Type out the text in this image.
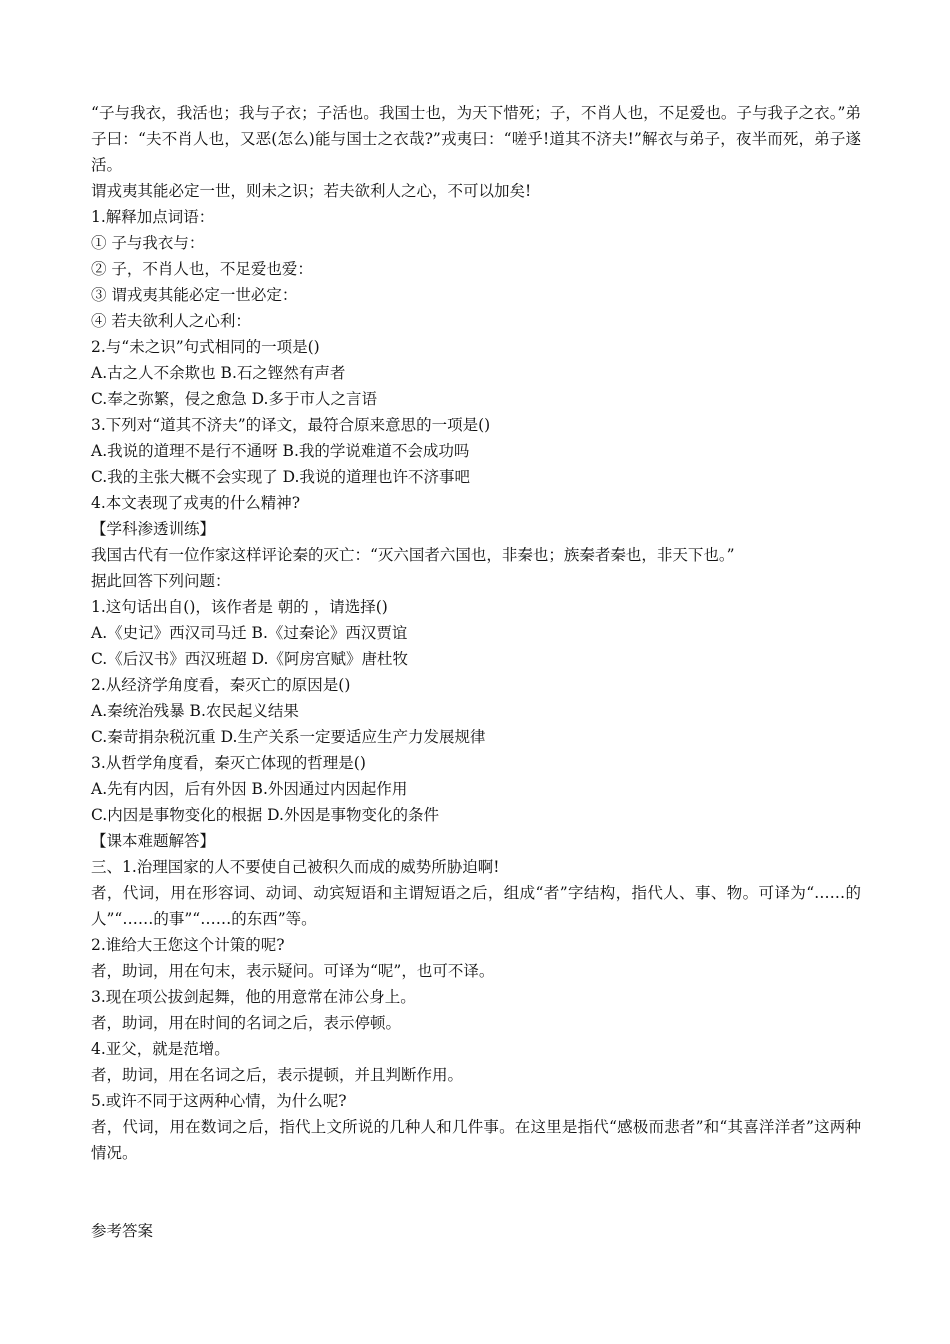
“子与我衣，我活也；我与子衣；子活也。我国士也，为天下惜死；子，不肖人也，不足爱也。子与我子之衣。”弟子曰：“夫不肖人也，又恶(怎么)能与国士之衣哉?”戎夷曰：“嗟乎!道其不济夫!”解衣与弟子，夜半而死，弟子遂活。

谓戎夷其能必定一世，则未之识；若夫欲利人之心，不可以加矣!

1.解释加点词语：

① 子与我衣与：

② 子，不肖人也，不足爱也爱：

③ 谓戎夷其能必定一世必定：

④ 若夫欲利人之心利：

2.与“未之识”句式相同的一项是()

A.古之人不余欺也 B.石之铿然有声者

C.奉之弥繁，侵之愈急 D.多于市人之言语

3.下列对“道其不济夫”的译文，最符合原来意思的一项是()

A.我说的道理不是行不通呀 B.我的学说难道不会成功吗

C.我的主张大概不会实现了 D.我说的道理也许不济事吧

4.本文表现了戎夷的什么精神?

【学科渗透训练】

我国古代有一位作家这样评论秦的灭亡：“灭六国者六国也，非秦也；族秦者秦也，非天下也。”

据此回答下列问题：

1.这句话出自()，该作者是 朝的 ，请选择()

A.《史记》西汉司马迁 B.《过秦论》西汉贾谊

C.《后汉书》西汉班超 D.《阿房宫赋》唐杜牧

2.从经济学角度看，秦灭亡的原因是()

A.秦统治残暴 B.农民起义结果

C.秦苛捐杂税沉重 D.生产关系一定要适应生产力发展规律

3.从哲学角度看，秦灭亡体现的哲理是()

A.先有内因，后有外因 B.外因通过内因起作用

C.内因是事物变化的根据 D.外因是事物变化的条件

【课本难题解答】

三、1.治理国家的人不要使自己被积久而成的威势所胁迫啊!

者，代词，用在形容词、动词、动宾短语和主谓短语之后，组成“者”字结构，指代人、事、物。可译为“……的人”“……的事”“……的东西”等。

2.谁给大王您这个计策的呢?

者，助词，用在句末，表示疑问。可译为“呢”，也可不译。

3.现在项公拔剑起舞，他的用意常在沛公身上。

者，助词，用在时间的名词之后，表示停顿。

4.亚父，就是范增。

者，助词，用在名词之后，表示提顿，并且判断作用。

5.或许不同于这两种心情，为什么呢?

者，代词，用在数词之后，指代上文所说的几种人和几件事。在这里是指代“感极而悲者”和“其喜洋洋者”这两种情况。

参考答案
